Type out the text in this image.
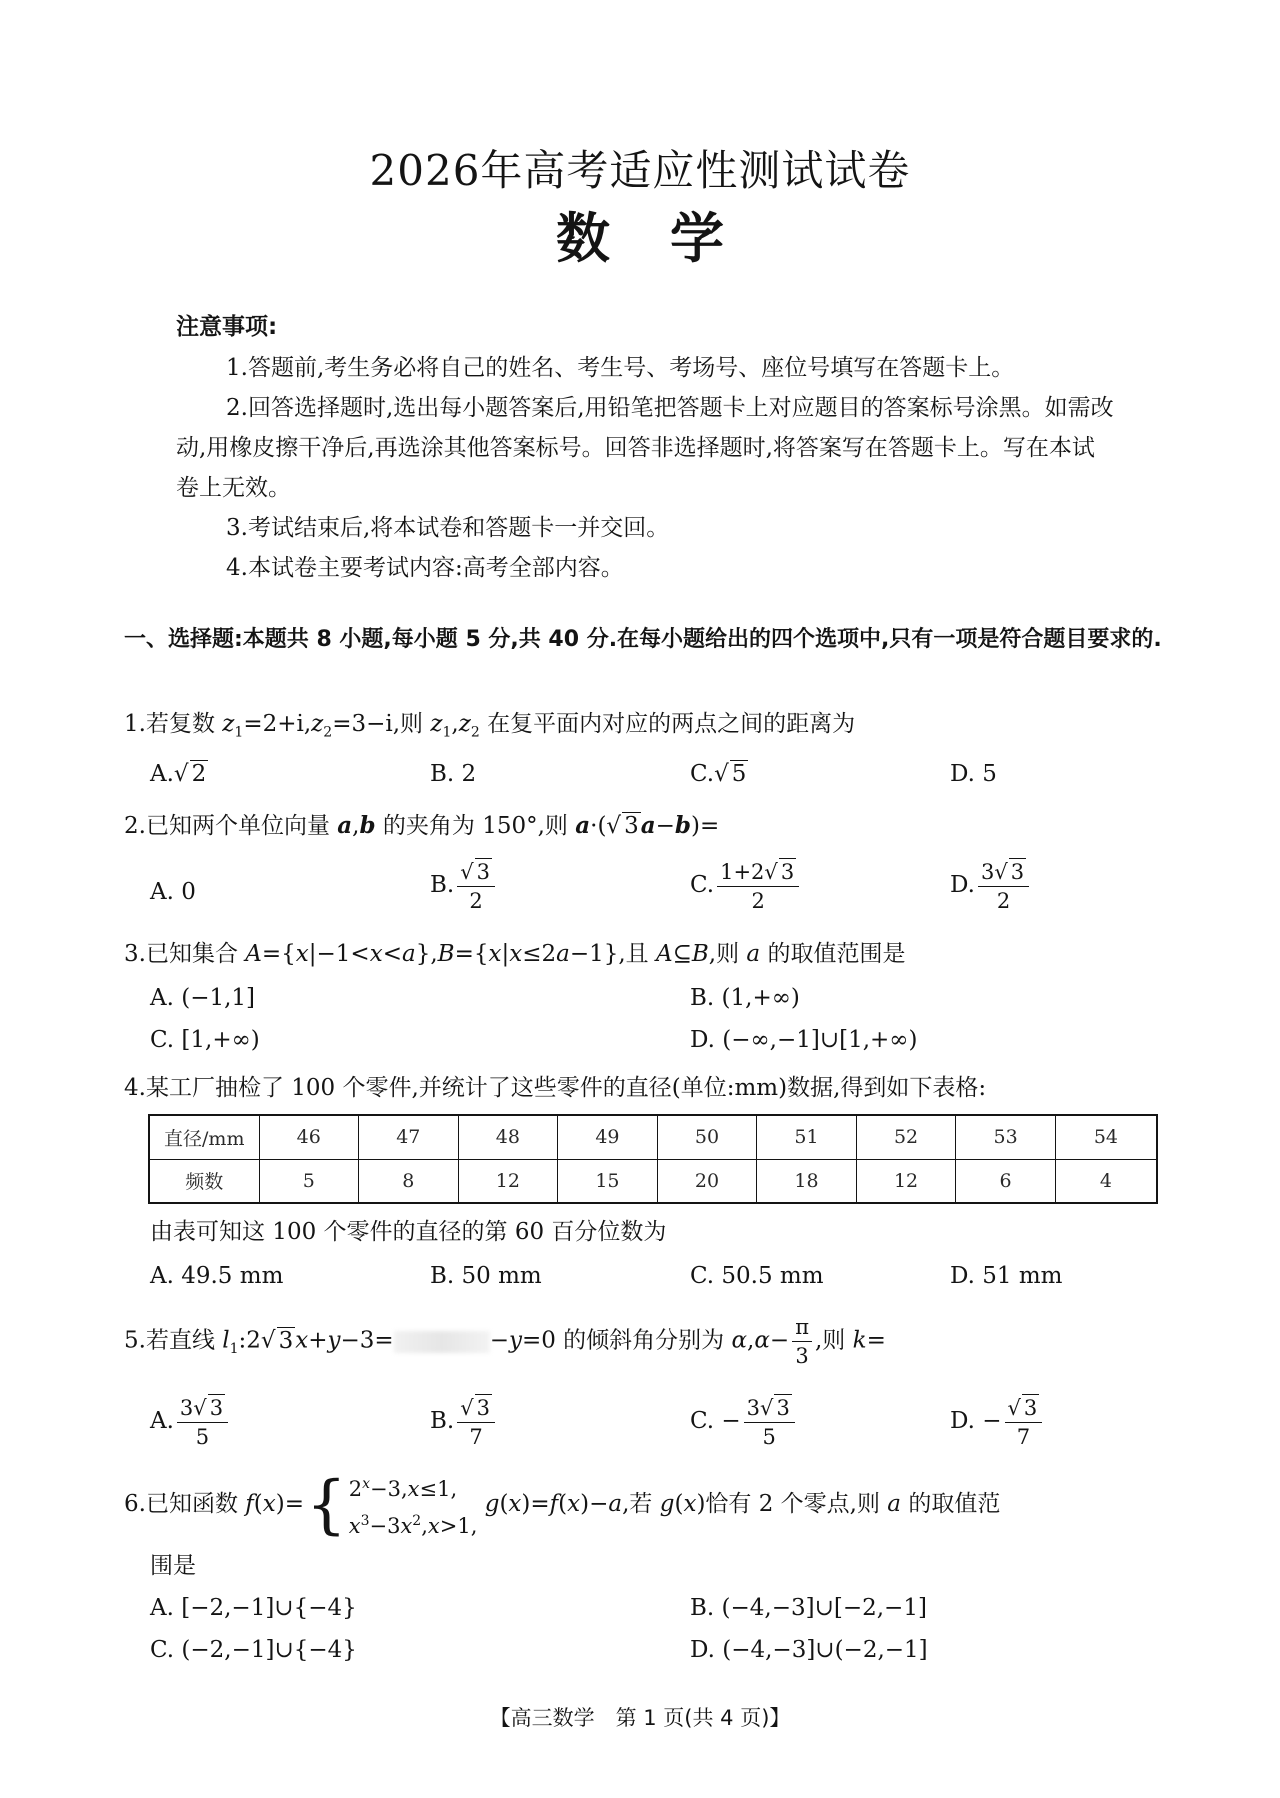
2026年高考适应性测试试卷
数学
注意事项:
1.答题前,考生务必将自己的姓名、考生号、考场号、座位号填写在答题卡上。
2.回答选择题时,选出每小题答案后,用铅笔把答题卡上对应题目的答案标号涂黑。如需改动,用橡皮擦干净后,再选涂其他答案标号。回答非选择题时,将答案写在答题卡上。写在本试卷上无效。
3.考试结束后,将本试卷和答题卡一并交回。
4.本试卷主要考试内容:高考全部内容。
一、选择题:本题共 8 小题,每小题 5 分,共 40 分.在每小题给出的四个选项中,只有一项是符合题目要求的.
1.若复数 $z_1=2+i,z_2=3-i$,则 $z_1,z_2$ 在复平面内对应的两点之间的距离为
A.√ 2	B. 2	C.√ 5	D. 5
2.已知两个单位向量 a,b 的夹角为 150°,则 a·(√ 3a−b)=
A. 0	B. $\frac{√ 3}{2}$	C. $\frac{1+2√ 3}{2}$	D. $\frac{3√ 3}{2}$
3.已知集合 A={x|−1<x<a},B={x|x≤2a−1},且 A⊆B,则 a 的取值范围是
A. (−1,1]	B. (1,+∞)
C. [1,+∞)	D. (−∞,−1]∪[1,+∞)
4.某工厂抽检了 100 个零件,并统计了这些零件的直径(单位:mm)数据,得到如下表格:
直径/mm	46	47	48	49	50	51	52	53	54
频数	5	8	12	15	20	18	12	6	4
由表可知这 100 个零件的直径的第 60 百分位数为
A. 49.5 mm	B. 50 mm	C. 50.5 mm	D. 51 mm
5.若直线 $l_1:2√$ 3x+y−3=	−y=0 的倾斜角分别为 $\alpha,\alpha- \frac{\pi}{3}$ ,则 k=
A. $\frac{3√ 3}{5}$	B. $\frac{√ 3}{7}$	C. − $\frac{3√ 3}{5}$	D. − $\frac{√ 3}{7}$
6.已知函数 f(x)={ $2^x-3,x\le 1$,
$x^3-3x^2,x>1$,
g(x)=f(x)−a,若 g(x)恰有 2 个零点,则 a 的取值范
围是
A. [−2,−1]∪{−4}	B. (−4,−3]∪[−2,−1]
C. (−2,−1]∪{−4}	D. (−4,−3]∪(−2,−1]
【高三数学　第 1 页(共 4 页)】
